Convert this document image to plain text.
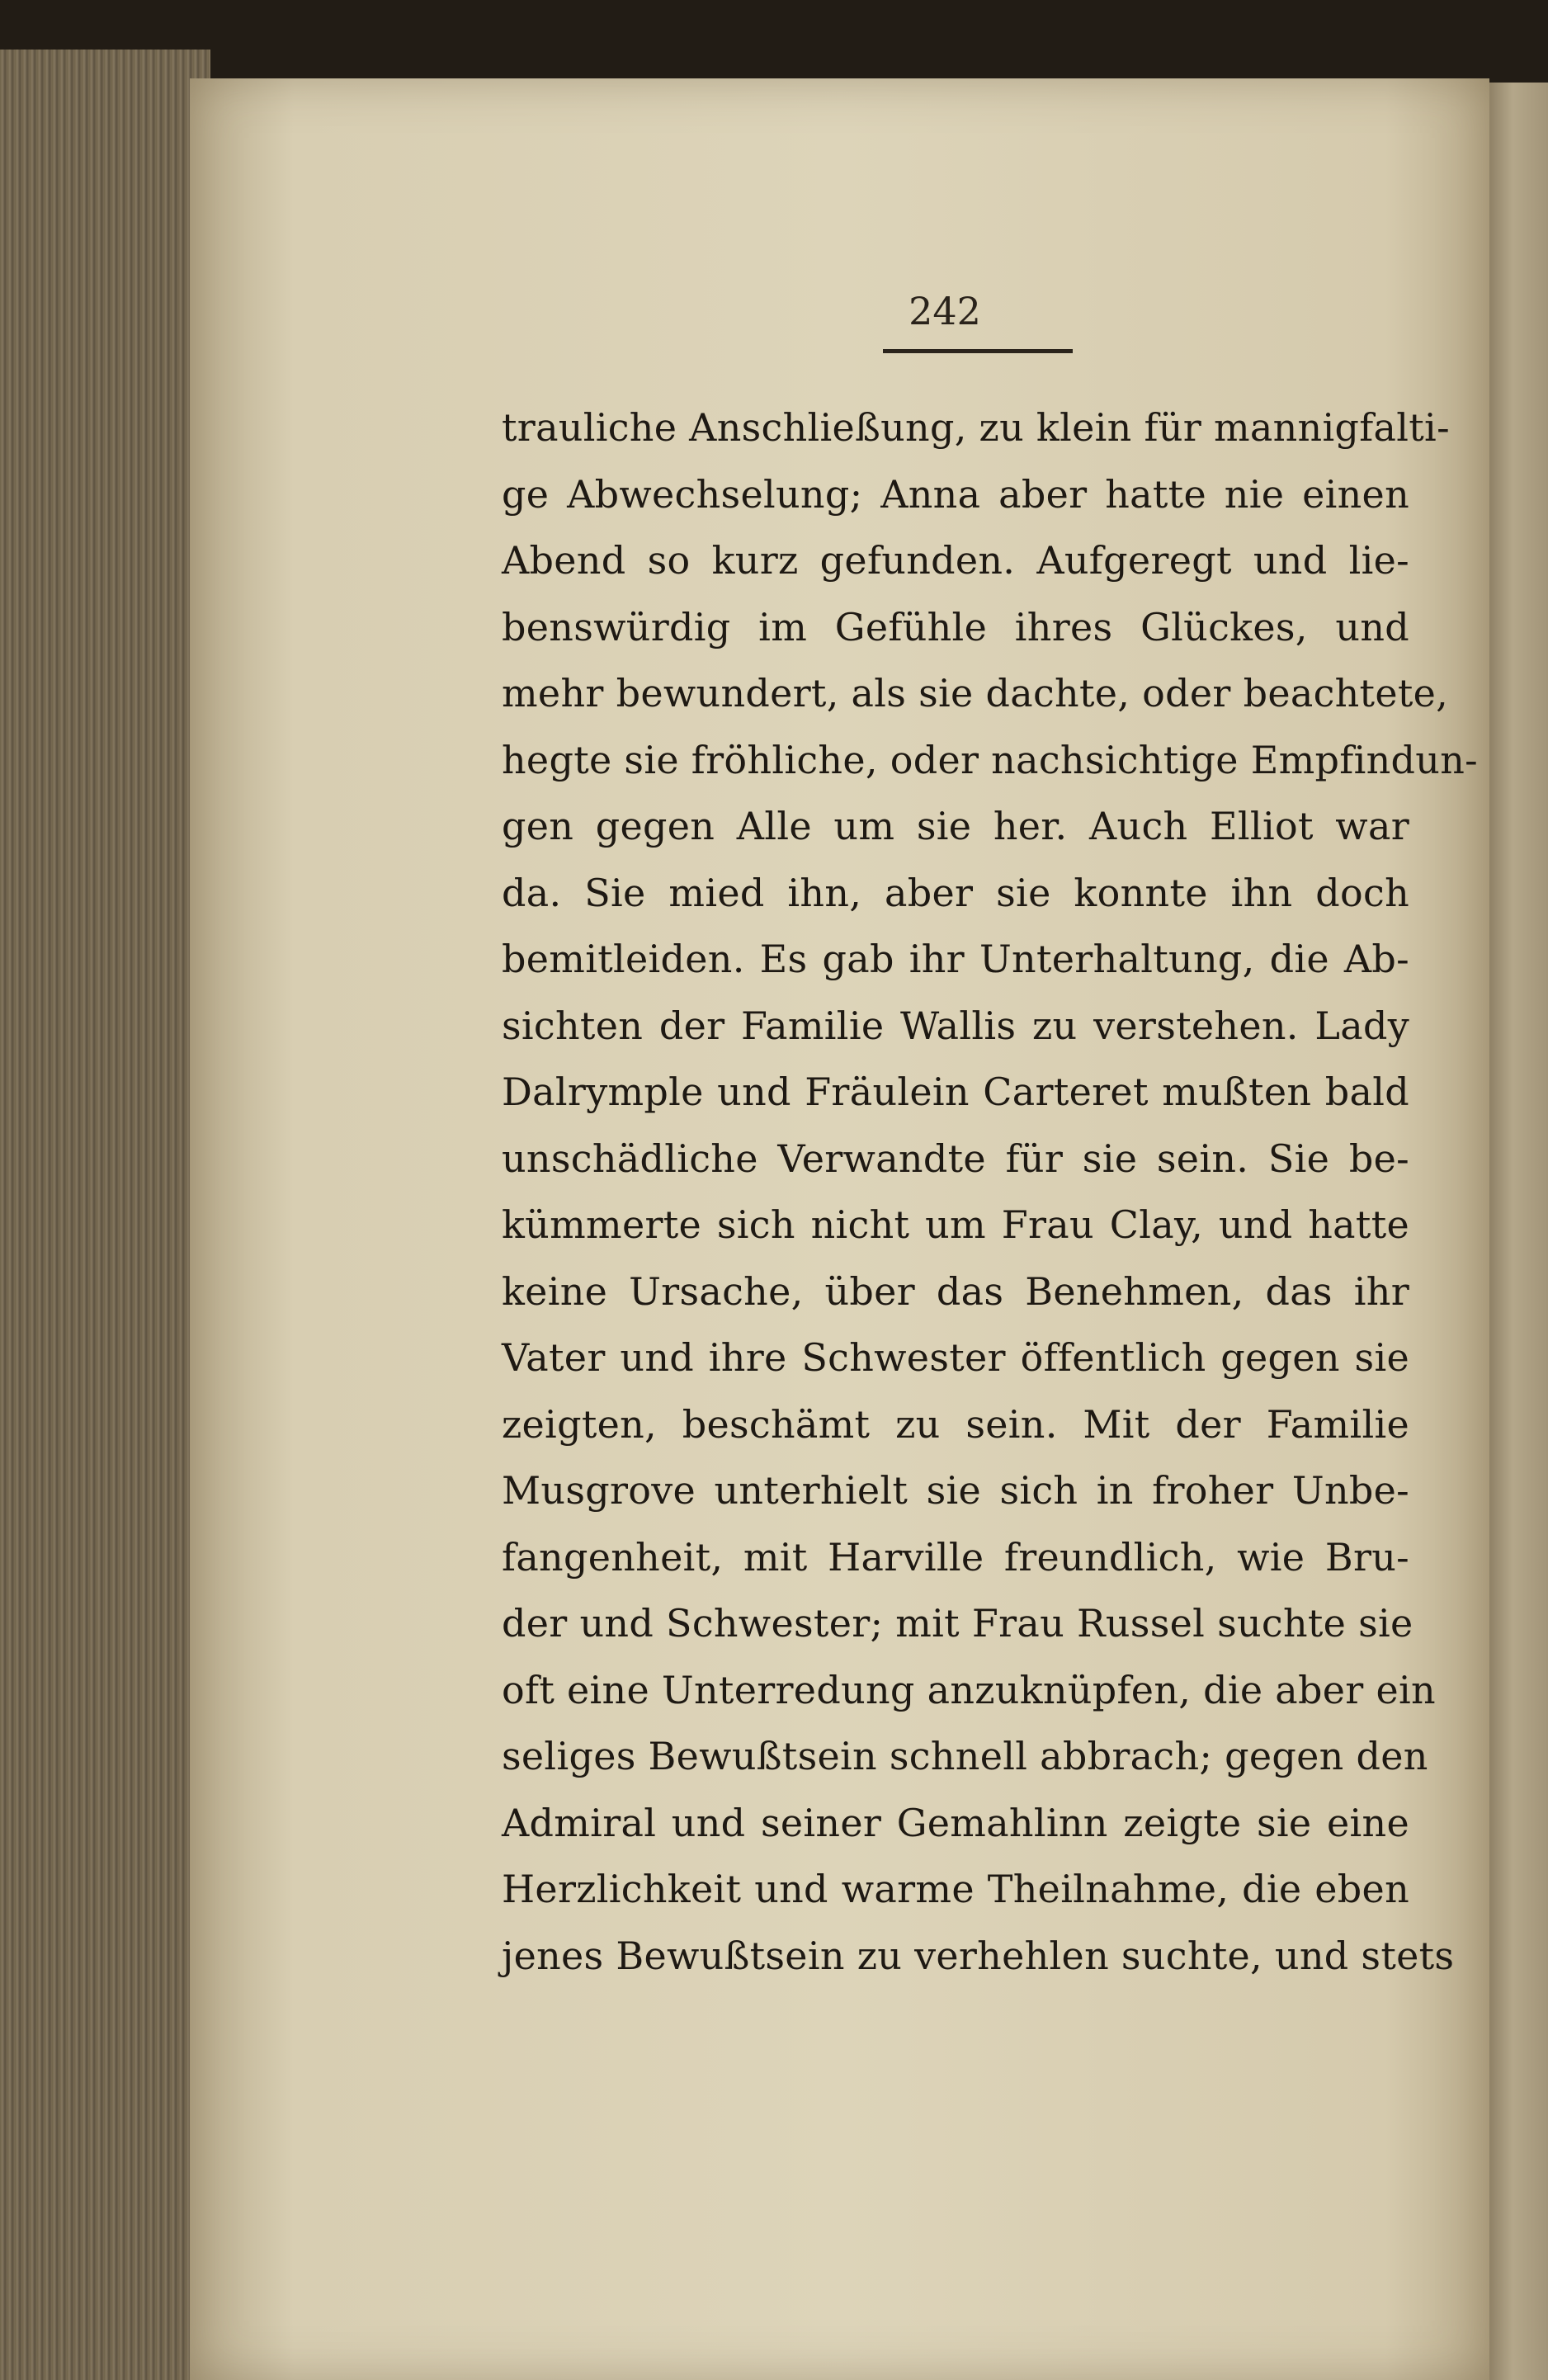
242
trauliche Anschließung, zu klein für mannigfalti-
ge Abwechselung; Anna aber hatte nie einen
Abend so kurz gefunden. Aufgeregt und lie-
benswürdig im Gefühle ihres Glückes, und
mehr bewundert, als sie dachte, oder beachtete,
hegte sie fröhliche, oder nachsichtige Empfindun-
gen gegen Alle um sie her. Auch Elliot war
da. Sie mied ihn, aber sie konnte ihn doch
bemitleiden. Es gab ihr Unterhaltung, die Ab-
sichten der Familie Wallis zu verstehen. Lady
Dalrymple und Fräulein Carteret mußten bald
unschädliche Verwandte für sie sein. Sie be-
kümmerte sich nicht um Frau Clay, und hatte
keine Ursache, über das Benehmen, das ihr
Vater und ihre Schwester öffentlich gegen sie
zeigten, beschämt zu sein. Mit der Familie
Musgrove unterhielt sie sich in froher Unbe-
fangenheit, mit Harville freundlich, wie Bru-
der und Schwester; mit Frau Russel suchte sie
oft eine Unterredung anzuknüpfen, die aber ein
seliges Bewußtsein schnell abbrach; gegen den
Admiral und seiner Gemahlinn zeigte sie eine
Herzlichkeit und warme Theilnahme, die eben
jenes Bewußtsein zu verhehlen suchte, und stets
